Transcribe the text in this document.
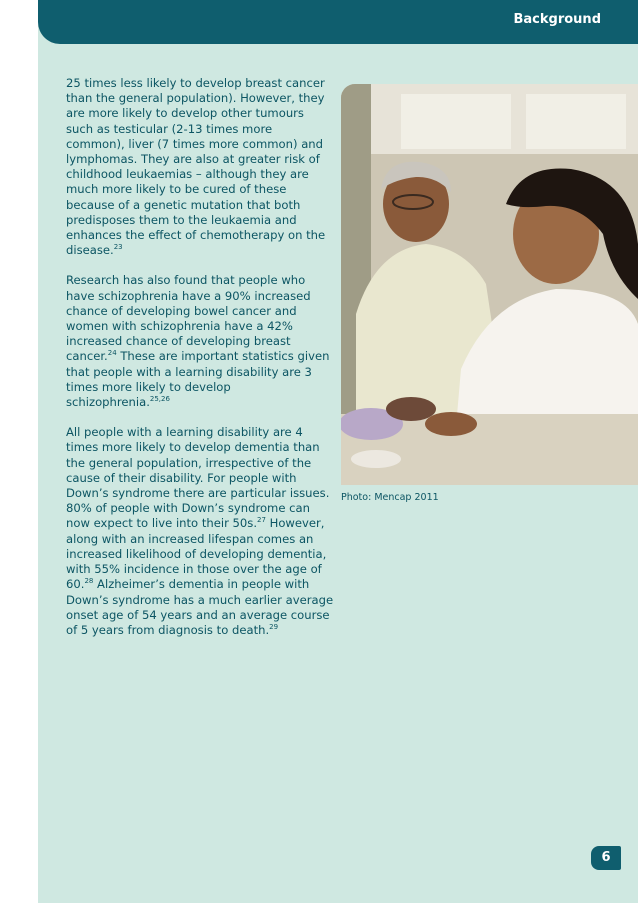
Background

25 times less likely to develop breast cancer than the general population). However, they are more likely to develop other tumours such as testicular (2-13 times more common), liver (7 times more common) and lymphomas. They are also at greater risk of childhood leukaemias – although they are much more likely to be cured of these because of a genetic mutation that both predisposes them to the leukaemia and enhances the effect of chemotherapy on the disease.$^{23}$

Research has also found that people who have schizophrenia have a 90% increased chance of developing bowel cancer and women with schizophrenia have a 42% increased chance of developing breast cancer.$^{24}$ These are important statistics given that people with a learning disability are 3 times more likely to develop schizophrenia.$^{25,26}$

All people with a learning disability are 4 times more likely to develop dementia than the general population, irrespective of the cause of their disability. For people with Down’s syndrome there are particular issues. 80% of people with Down’s syndrome can now expect to live into their 50s.$^{27}$ However, along with an increased lifespan comes an increased likelihood of developing dementia, with 55% incidence in those over the age of 60.28 Alzheimer’s dementia in people with Down’s syndrome has a much earlier average onset age of 54 years and an average course of 5 years from diagnosis to death.$^{29}$

Photo: Mencap 2011
6
